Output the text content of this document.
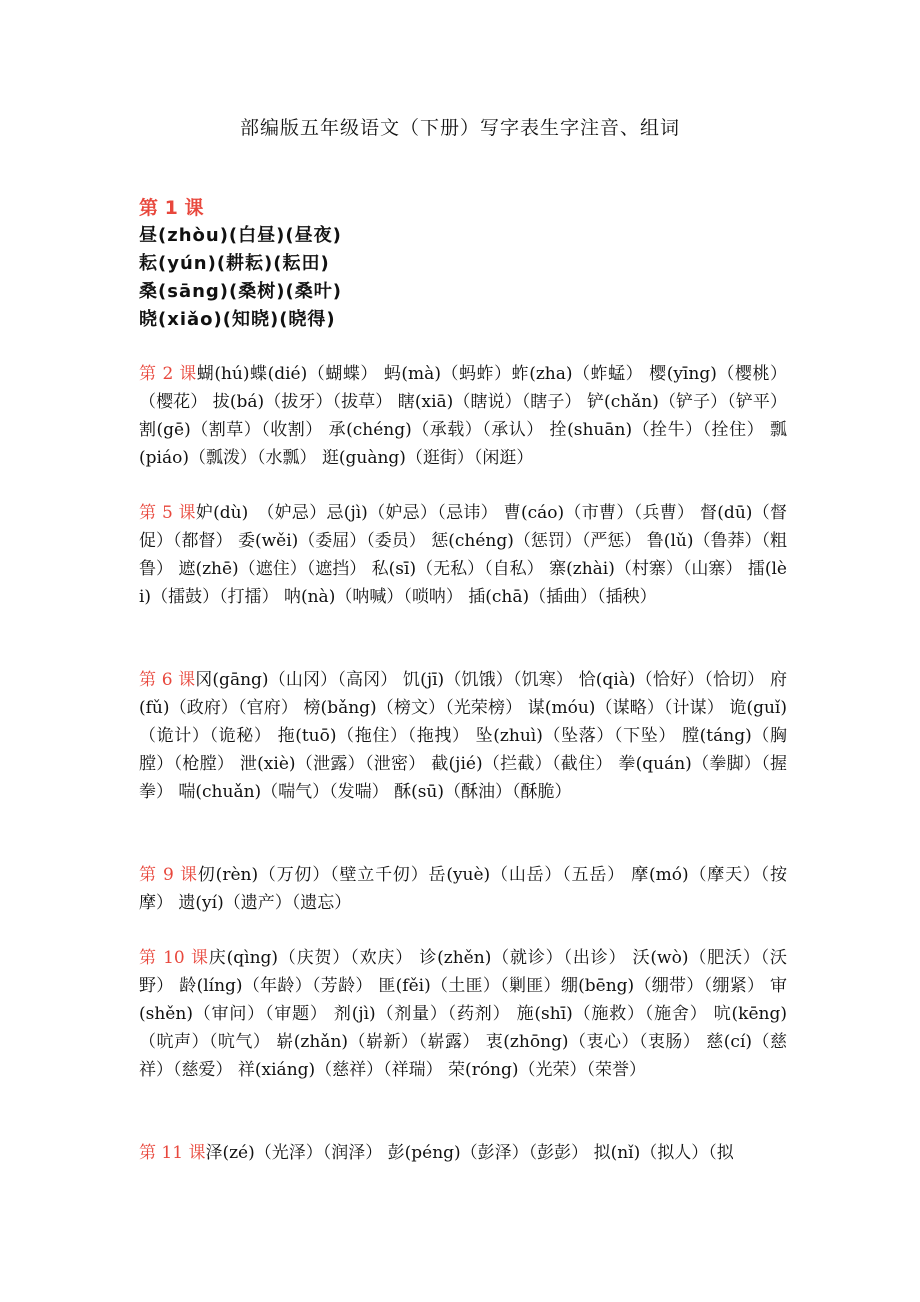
部编版五年级语文（下册）写字表生字注音、组词
第 1 课
昼(zhòu)(白昼)(昼夜)
耘(yún)(耕耘)(耘田)
桑(sāng)(桑树)(桑叶)
晓(xiǎo)(知晓)(晓得)
第 2 课蝴(hú)蝶(dié)（蝴蝶） 蚂(mà)（蚂蚱）蚱(zha)（蚱蜢） 樱(yīng)（樱桃）（樱花） 拔(bá)（拔牙）（拔草） 瞎(xiā)（瞎说）（瞎子） 铲(chǎn)（铲子）（铲平） 割(gē)（割草）（收割） 承(chéng)（承载）（承认） 拴(shuān)（拴牛）（拴住） 瓢(piáo)（瓢泼）（水瓢） 逛(guàng)（逛街）（闲逛）
第 5 课妒(dù)　（妒忌）忌(jì)（妒忌）（忌讳） 曹(cáo)（市曹）（兵曹） 督(dū)（督促）（都督） 委(wěi)（委屈）（委员） 惩(chéng)（惩罚）（严惩） 鲁(lǔ)（鲁莽）（粗鲁） 遮(zhē)（遮住）（遮挡） 私(sī)（无私）（自私） 寨(zhài)（村寨）（山寨） 擂(lèi)（擂鼓）（打擂） 呐(nà)（呐喊）（唢呐） 插(chā)（插曲）（插秧）
第 6 课冈(gāng)（山冈）（高冈） 饥(jī)（饥饿）（饥寒） 恰(qià)（恰好）（恰切） 府(fǔ)（政府）（官府） 榜(bǎng)（榜文）（光荣榜） 谋(móu)（谋略）（计谋） 诡(guǐ)（诡计）（诡秘） 拖(tuō)（拖住）（拖拽） 坠(zhuì)（坠落）（下坠） 膛(táng)（胸膛）（枪膛） 泄(xiè)（泄露）（泄密） 截(jié)（拦截）（截住） 拳(quán)（拳脚）（握拳） 喘(chuǎn)（喘气）（发喘） 酥(sū)（酥油）（酥脆）
第 9 课仞(rèn)（万仞）（壁立千仞）岳(yuè)（山岳）（五岳） 摩(mó)（摩天）（按摩） 遗(yí)（遗产）（遗忘）
第 10 课庆(qìng)（庆贺）（欢庆） 诊(zhěn)（就诊）（出诊） 沃(wò)（肥沃）（沃野） 龄(líng)（年龄）（芳龄） 匪(fěi)（土匪）（剿匪）绷(bēng)（绷带）（绷紧） 审(shěn)（审问）（审题） 剂(jì)（剂量）（药剂） 施(shī)（施救）（施舍） 吭(kēng)（吭声）（吭气） 崭(zhǎn)（崭新）（崭露） 衷(zhōng)（衷心）（衷肠） 慈(cí)（慈祥）（慈爱） 祥(xiáng)（慈祥）（祥瑞） 荣(róng)（光荣）（荣誉）
第 11 课泽(zé)（光泽）（润泽） 彭(péng)（彭泽）（彭彭） 拟(nǐ)（拟人）（拟
